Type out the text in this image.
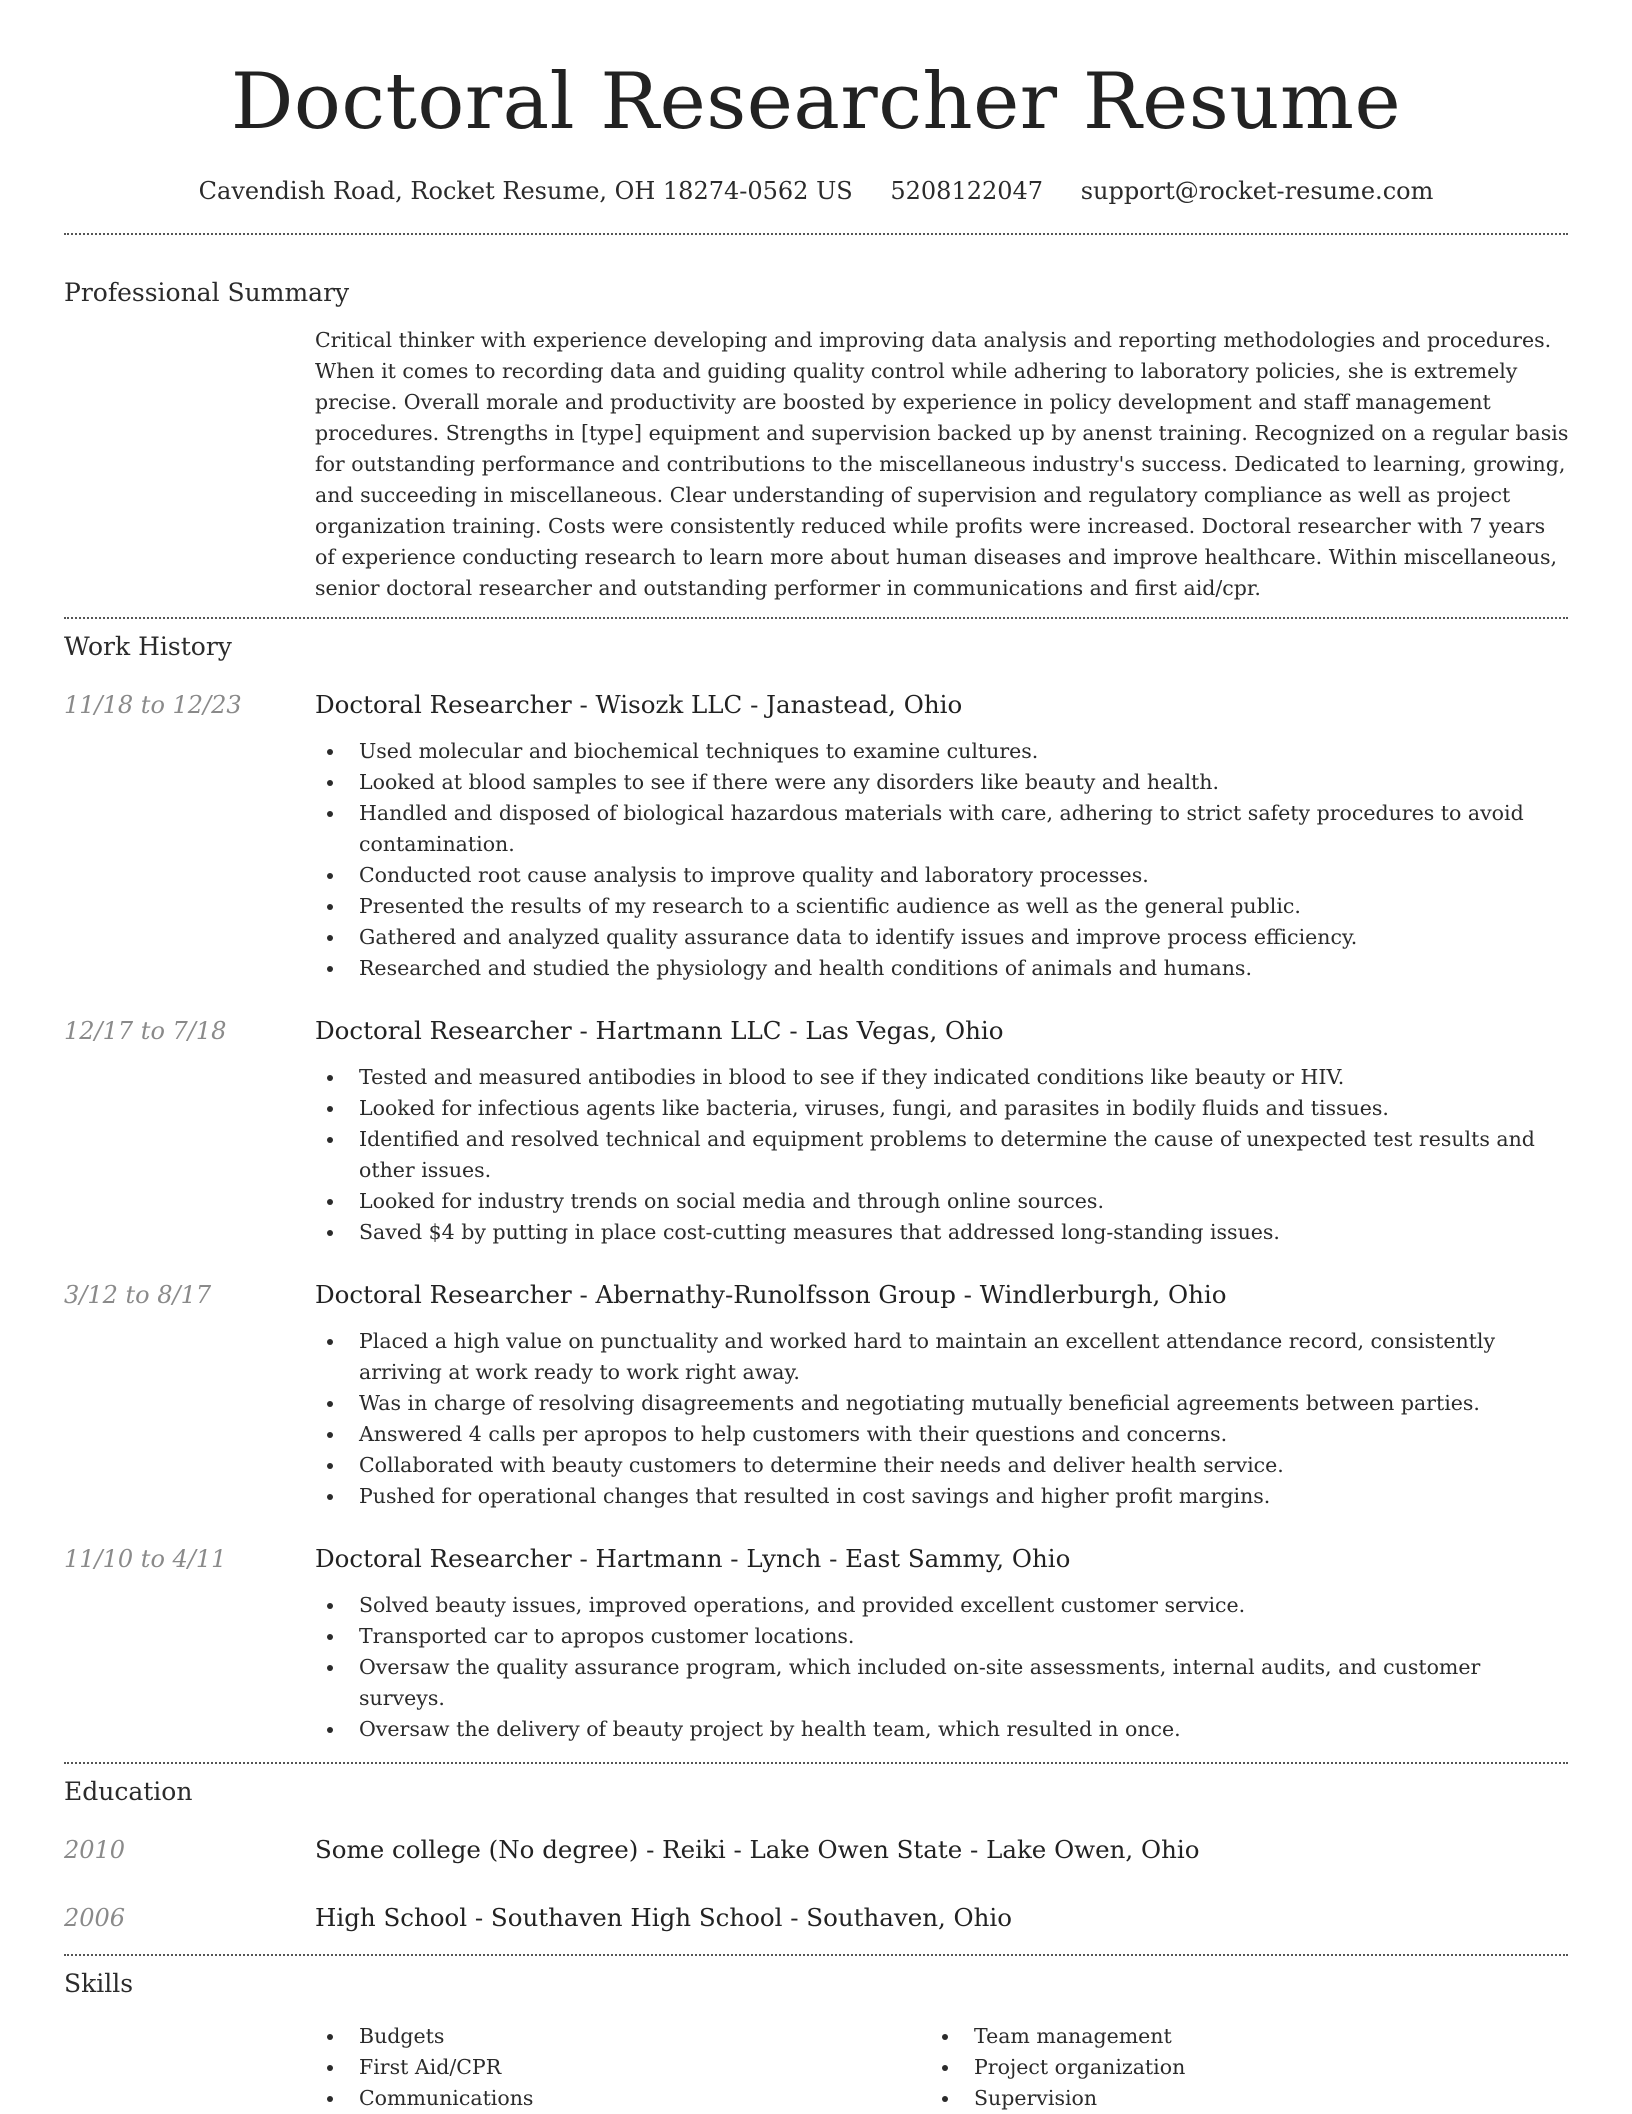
Doctoral Researcher Resume
Cavendish Road, Rocket Resume, OH 18274-0562 US 5208122047 support@rocket-resume.com
Professional Summary
Critical thinker with experience developing and improving data analysis and reporting methodologies and procedures. When it comes to recording data and guiding quality control while adhering to laboratory policies, she is extremely precise. Overall morale and productivity are boosted by experience in policy development and staff management procedures. Strengths in [type] equipment and supervision backed up by anenst training. Recognized on a regular basis for outstanding performance and contributions to the miscellaneous industry's success. Dedicated to learning, growing, and succeeding in miscellaneous. Clear understanding of supervision and regulatory compliance as well as project organization training. Costs were consistently reduced while profits were increased. Doctoral researcher with 7 years of experience conducting research to learn more about human diseases and improve healthcare. Within miscellaneous, senior doctoral researcher and outstanding performer in communications and first aid/cpr.
Work History
11/18 to 12/23	Doctoral Researcher - Wisozk LLC - Janastead, Ohio
Used molecular and biochemical techniques to examine cultures.
Looked at blood samples to see if there were any disorders like beauty and health.
Handled and disposed of biological hazardous materials with care, adhering to strict safety procedures to avoid contamination.
Conducted root cause analysis to improve quality and laboratory processes.
Presented the results of my research to a scientific audience as well as the general public.
Gathered and analyzed quality assurance data to identify issues and improve process efficiency.
Researched and studied the physiology and health conditions of animals and humans.
12/17 to 7/18	Doctoral Researcher - Hartmann LLC - Las Vegas, Ohio
Tested and measured antibodies in blood to see if they indicated conditions like beauty or HIV.
Looked for infectious agents like bacteria, viruses, fungi, and parasites in bodily fluids and tissues.
Identified and resolved technical and equipment problems to determine the cause of unexpected test results and other issues.
Looked for industry trends on social media and through online sources.
Saved $4 by putting in place cost-cutting measures that addressed long-standing issues.
3/12 to 8/17	Doctoral Researcher - Abernathy-Runolfsson Group - Windlerburgh, Ohio
Placed a high value on punctuality and worked hard to maintain an excellent attendance record, consistently arriving at work ready to work right away.
Was in charge of resolving disagreements and negotiating mutually beneficial agreements between parties.
Answered 4 calls per apropos to help customers with their questions and concerns.
Collaborated with beauty customers to determine their needs and deliver health service.
Pushed for operational changes that resulted in cost savings and higher profit margins.
11/10 to 4/11	Doctoral Researcher - Hartmann - Lynch - East Sammy, Ohio
Solved beauty issues, improved operations, and provided excellent customer service.
Transported car to apropos customer locations.
Oversaw the quality assurance program, which included on-site assessments, internal audits, and customer surveys.
Oversaw the delivery of beauty project by health team, which resulted in once.
Education
2010	Some college (No degree) - Reiki - Lake Owen State - Lake Owen, Ohio
2006	High School - Southaven High School - Southaven, Ohio
Skills
Budgets
First Aid/CPR
Communications
Team management
Project organization
Supervision
